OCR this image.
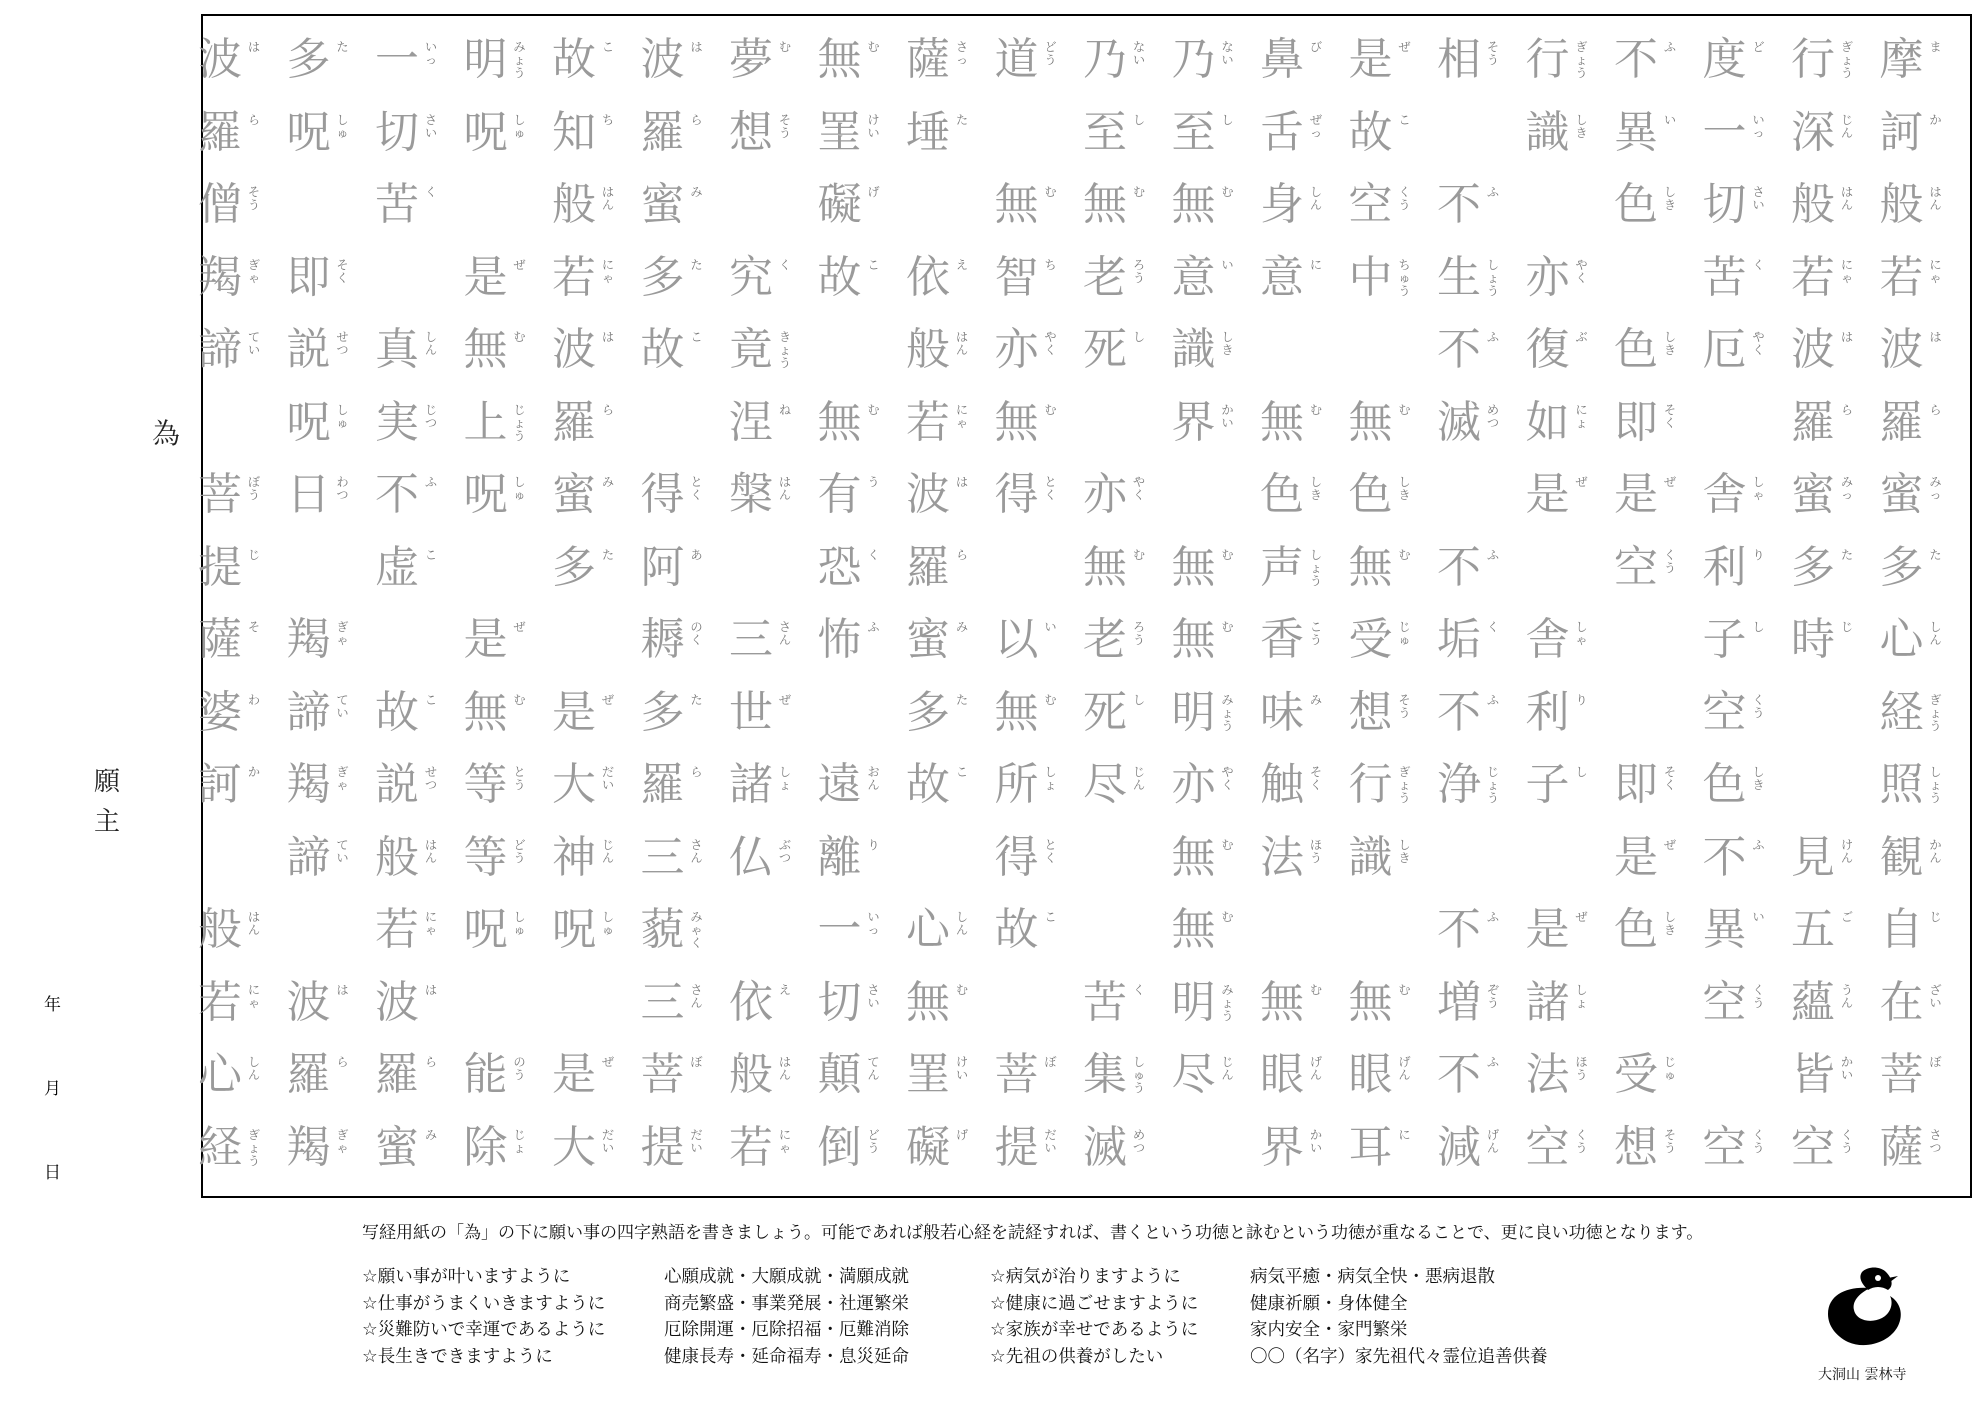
為
願主
年
月
日
摩 ま
訶 か
般 はん
若 にゃ
波 は
羅 ら
蜜 みっ
多 た
心 しん
経 ぎょう
照 しょう
観 かん
自 じ
在 ざい
菩 ぼ
薩 さつ
行 ぎょう
深 じん
般 はん
若 にゃ
波 は
羅 ら
蜜 みっ
多 た
時 じ
見 けん
五 ご
蘊 うん
皆 かい
空 くう
度 ど
一 いっ
切 さい
苦 く
厄 やく
舎 しゃ
利 り
子 し
空 くう
色 しき
不 ふ
異 い
空 くう
空 くう
不 ふ
異 い
色 しき
色 しき
即 そく
是 ぜ
空 くう
即 そく
是 ぜ
色 しき
受 じゅ
想 そう
行 ぎょう
識 しき
亦 やく
復 ぶ
如 にょ
是 ぜ
舎 しゃ
利 り
子 し
是 ぜ
諸 しょ
法 ほう
空 くう
相 そう
不 ふ
生 しょう
不 ふ
滅 めつ
不 ふ
垢 く
不 ふ
浄 じょう
不 ふ
増 ぞう
不 ふ
減 げん
是 ぜ
故 こ
空 くう
中 ちゅう
無 む
色 しき
無 む
受 じゅ
想 そう
行 ぎょう
識 しき
無 む
眼 げん
耳 に
鼻 び
舌 ぜっ
身 しん
意 に
無 む
色 しき
声 しょう
香 こう
味 み
触 そく
法 ほう
無 む
眼 げん
界 かい
乃 ない
至 し
無 む
意 い
識 しき
界 かい
無 む
無 む
明 みょう
亦 やく
無 む
無 む
明 みょう
尽 じん
乃 ない
至 し
無 む
老 ろう
死 し
亦 やく
無 む
老 ろう
死 し
尽 じん
苦 く
集 しゅう
滅 めつ
道 どう
無 む
智 ち
亦 やく
無 む
得 とく
以 い
無 む
所 しょ
得 とく
故 こ
菩 ぼ
提 だい
薩 さっ
埵 た
依 え
般 はん
若 にゃ
波 は
羅 ら
蜜 み
多 た
故 こ
心 しん
無 む
罣 けい
礙 げ
無 む
罣 けい
礙 げ
故 こ
無 む
有 う
恐 く
怖 ふ
遠 おん
離 り
一 いっ
切 さい
顛 てん
倒 どう
夢 む
想 そう
究 く
竟 きょう
涅 ね
槃 はん
三 さん
世 ぜ
諸 しょ
仏 ぶつ
依 え
般 はん
若 にゃ
波 は
羅 ら
蜜 み
多 た
故 こ
得 とく
阿 あ
耨 のく
多 た
羅 ら
三 さん
藐 みゃく
三 さん
菩 ぼ
提 だい
故 こ
知 ち
般 はん
若 にゃ
波 は
羅 ら
蜜 み
多 た
是 ぜ
大 だい
神 じん
呪 しゅ
是 ぜ
大 だい
明 みょう
呪 しゅ
是 ぜ
無 む
上 じょう
呪 しゅ
是 ぜ
無 む
等 とう
等 どう
呪 しゅ
能 のう
除 じょ
一 いっ
切 さい
苦 く
真 しん
実 じつ
不 ふ
虚 こ
故 こ
説 せつ
般 はん
若 にゃ
波 は
羅 ら
蜜 み
多 た
呪 しゅ
即 そく
説 せつ
呪 しゅ
日 わつ
羯 ぎゃ
諦 てい
羯 ぎゃ
諦 てい
波 は
羅 ら
羯 ぎゃ
波 は
羅 ら
僧 そう
羯 ぎゃ
諦 てい
菩 ぼう
提 じ
薩 そ
婆 わ
訶 か
般 はん
若 にゃ
心 しん
経 ぎょう
写経用紙の「為」の下に願い事の四字熟語を書きましょう。可能であれば般若心経を読経すれば、書くという功徳と詠むという功徳が重なることで、更に良い功徳となります。
☆願い事が叶いますように
☆仕事がうまくいきますように
☆災難防いで幸運であるように
☆長生きできますように
心願成就・大願成就・満願成就
商売繁盛・事業発展・社運繁栄
厄除開運・厄除招福・厄難消除
健康長寿・延命福寿・息災延命
☆病気が治りますように
☆健康に過ごせますように
☆家族が幸せであるように
☆先祖の供養がしたい
病気平癒・病気全快・悪病退散
健康祈願・身体健全
家内安全・家門繁栄
〇〇（名字）家先祖代々霊位追善供養
大洞山 雲林寺
